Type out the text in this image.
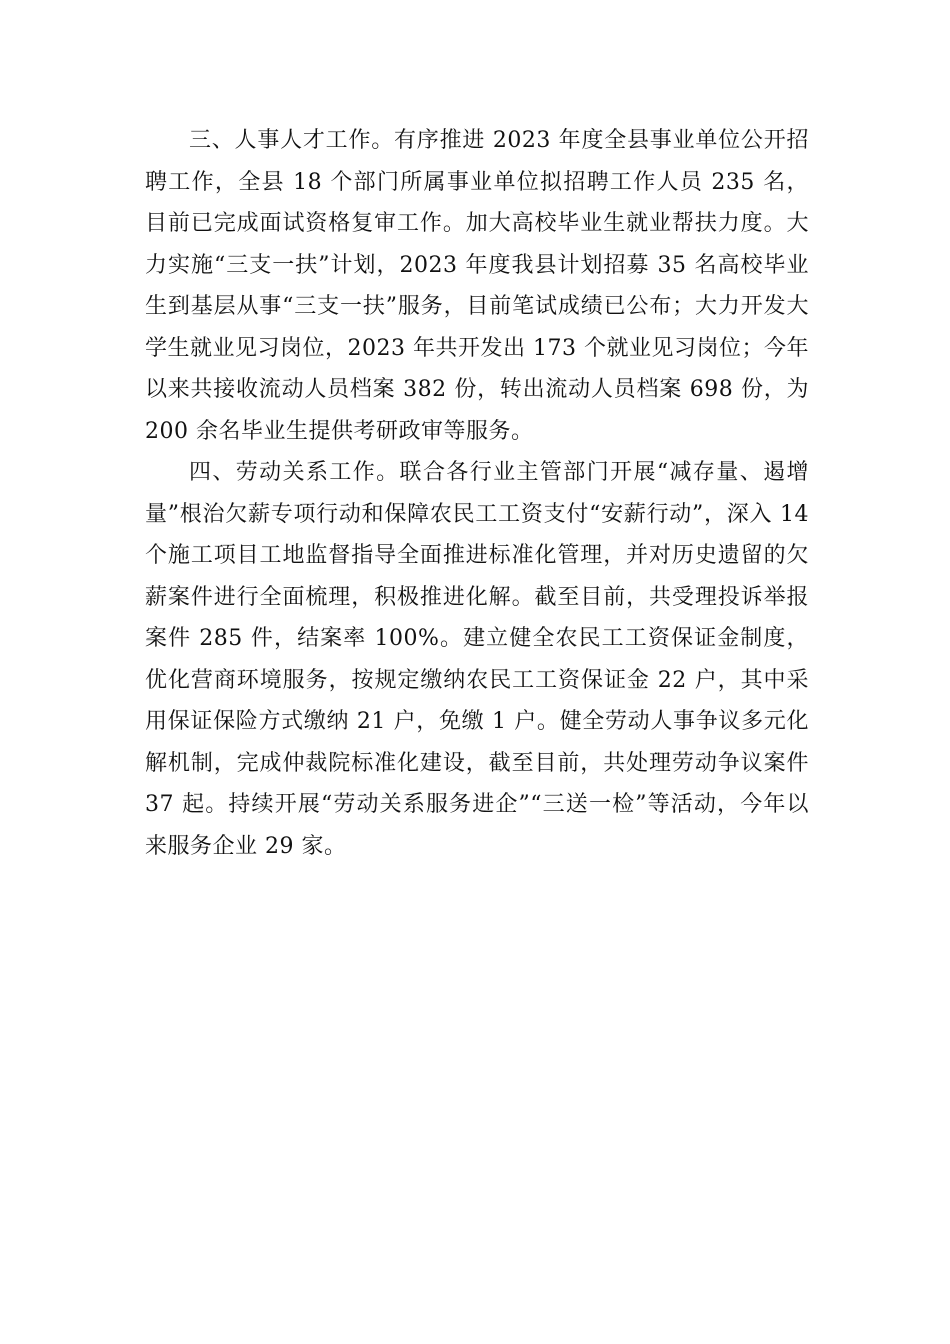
三、人事人才工作。有序推进 2023 年度全县事业单位公开招聘工作，全县 18 个部门所属事业单位拟招聘工作人员 235 名，目前已完成面试资格复审工作。加大高校毕业生就业帮扶力度。大力实施“三支一扶”计划，2023 年度我县计划招募 35 名高校毕业生到基层从事“三支一扶”服务，目前笔试成绩已公布；大力开发大学生就业见习岗位，2023 年共开发出 173 个就业见习岗位；今年以来共接收流动人员档案 382 份，转出流动人员档案 698 份，为 200 余名毕业生提供考研政审等服务。

四、劳动关系工作。联合各行业主管部门开展“减存量、遏增量”根治欠薪专项行动和保障农民工工资支付“安薪行动”，深入 14 个施工项目工地监督指导全面推进标准化管理，并对历史遗留的欠薪案件进行全面梳理，积极推进化解。截至目前，共受理投诉举报案件 285 件，结案率 100%。建立健全农民工工资保证金制度，优化营商环境服务，按规定缴纳农民工工资保证金 22 户，其中采用保证保险方式缴纳 21 户，免缴 1 户。健全劳动人事争议多元化解机制，完成仲裁院标准化建设，截至目前，共处理劳动争议案件 37 起。持续开展“劳动关系服务进企”“三送一检”等活动，今年以来服务企业 29 家。
